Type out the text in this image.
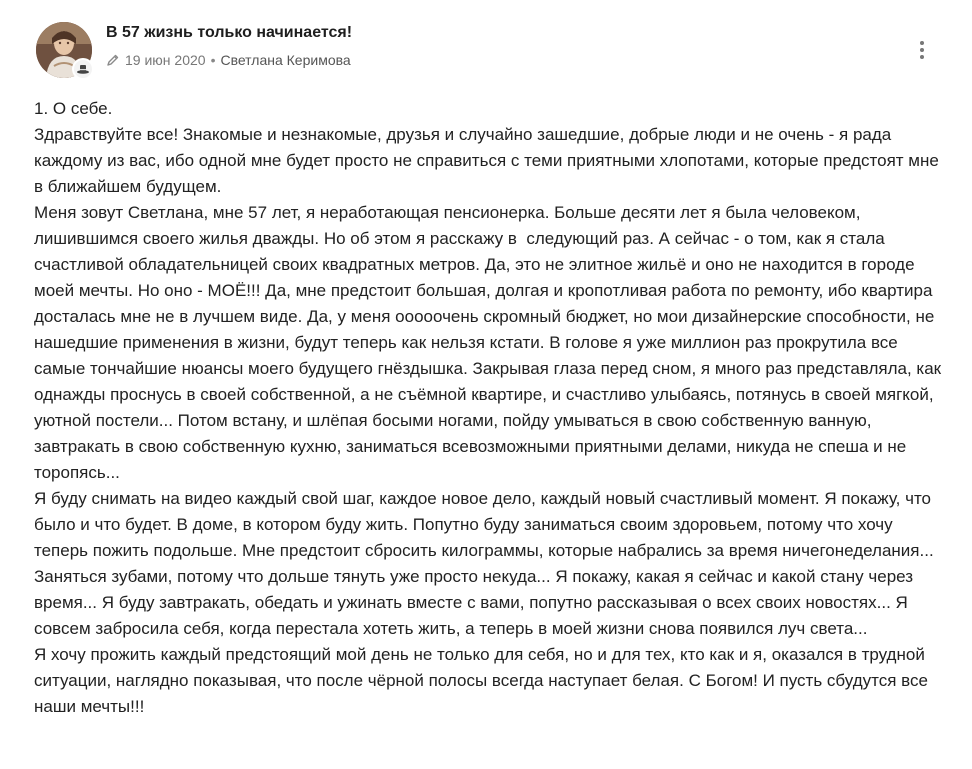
В 57 жизнь только начинается!
19 июн 2020 • Светлана Керимова

1. О себе.

Здравствуйте все! Знакомые и незнакомые, друзья и случайно зашедшие, добрые люди и не очень - я рада каждому из вас, ибо одной мне будет просто не справиться с теми приятными хлопотами, которые предстоят мне в ближайшем будущем.

Меня зовут Светлана, мне 57 лет, я неработающая пенсионерка. Больше десяти лет я была человеком, лишившимся своего жилья дважды. Но об этом я расскажу в  следующий раз. А сейчас - о том, как я стала счастливой обладательницей своих квадратных метров. Да, это не элитное жильё и оно не находится в городе моей мечты. Но оно - МОЁ!!! Да, мне предстоит большая, долгая и кропотливая работа по ремонту, ибо квартира досталась мне не в лучшем виде. Да, у меня ооооочень скромный бюджет, но мои дизайнерские способности, не нашедшие применения в жизни, будут теперь как нельзя кстати. В голове я уже миллион раз прокрутила все самые тончайшие нюансы моего будущего гнёздышка. Закрывая глаза перед сном, я много раз представляла, как однажды проснусь в своей собственной, а не съёмной квартире, и счастливо улыбаясь, потянусь в своей мягкой, уютной постели... Потом встану, и шлёпая босыми ногами, пойду умываться в свою собственную ванную, завтракать в свою собственную кухню, заниматься всевозможными приятными делами, никуда не спеша и не торопясь...

Я буду снимать на видео каждый свой шаг, каждое новое дело, каждый новый счастливый момент. Я покажу, что было и что будет. В доме, в котором буду жить. Попутно буду заниматься своим здоровьем, потому что хочу теперь пожить подольше. Мне предстоит сбросить килограммы, которые набрались за время ничегонеделания... Заняться зубами, потому что дольше тянуть уже просто некуда... Я покажу, какая я сейчас и какой стану через время... Я буду завтракать, обедать и ужинать вместе с вами, попутно рассказывая о всех своих новостях... Я совсем забросила себя, когда перестала хотеть жить, а теперь в моей жизни снова появился луч света...

Я хочу прожить каждый предстоящий мой день не только для себя, но и для тех, кто как и я, оказался в трудной ситуации, наглядно показывая, что после чёрной полосы всегда наступает белая. С Богом! И пусть сбудутся все наши мечты!!!
